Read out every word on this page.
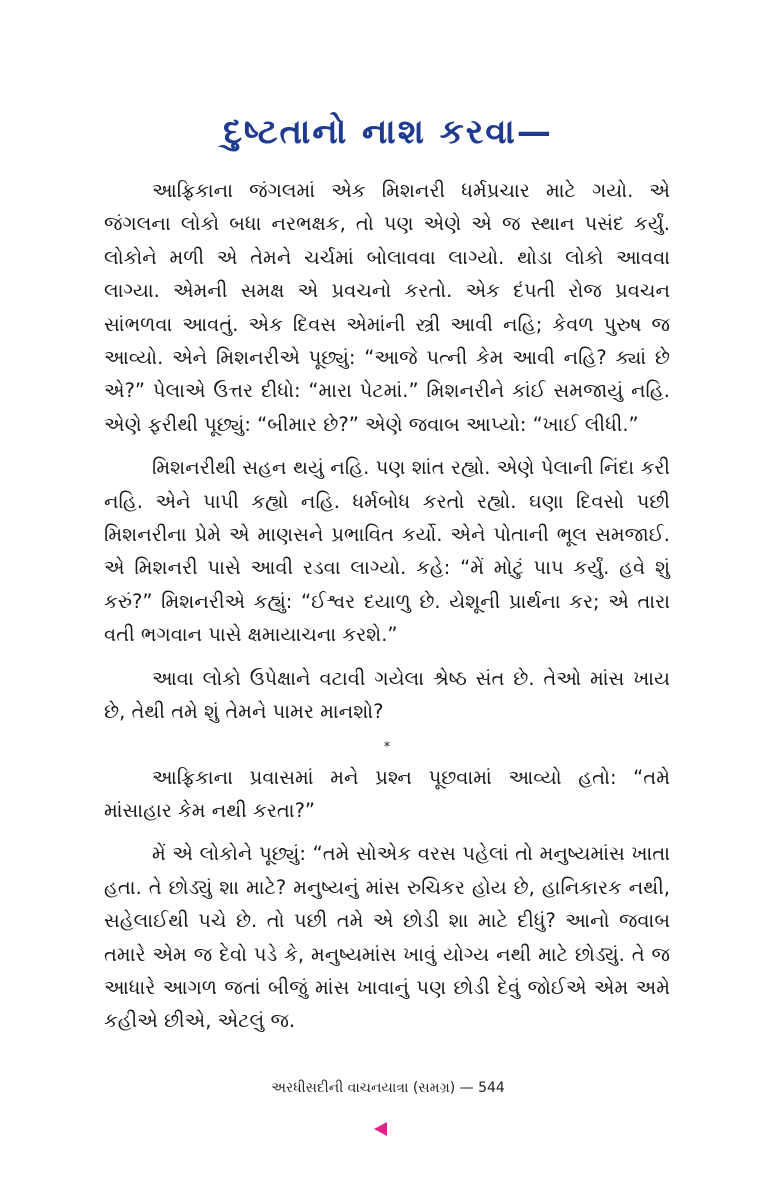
દુષ્ટતાનો નાશ કરવા—

આફ્રિકાના જંગલમાં એક મિશનરી ધર્મપ્રચાર માટે ગયો. એ જંગલના લોકો બધા નરભક્ષક, તો પણ એણે એ જ સ્થાન પસંદ કર્યું. લોકોને મળી એ તેમને ચર્ચમાં બોલાવવા લાગ્યો. થોડા લોકો આવવા લાગ્યા. એમની સમક્ષ એ પ્રવચનો કરતો. એક દંપતી રોજ પ્રવચન સાંભળવા આવતું. એક દિવસ એમાંની સ્ત્રી આવી નહિ; કેવળ પુરુષ જ આવ્યો. એને મિશનરીએ પૂછ્યું: “આજે પત્ની કેમ આવી નહિ? ક્યાં છે એ?” પેલાએ ઉત્તર દીધો: “મારા પેટમાં.” મિશનરીને કાંઈ સમજાયું નહિ. એણે ફરીથી પૂછ્યું: “બીમાર છે?” એણે જવાબ આપ્યો: “ખાઈ લીધી.”

મિશનરીથી સહન થયું નહિ. પણ શાંત રહ્યો. એણે પેલાની નિંદા કરી નહિ. એને પાપી કહ્યો નહિ. ધર્મબોધ કરતો રહ્યો. ઘણા દિવસો પછી મિશનરીના પ્રેમે એ માણસને પ્રભાવિત કર્યો. એને પોતાની ભૂલ સમજાઈ. એ મિશનરી પાસે આવી રડવા લાગ્યો. કહે: “મેં મોટું પાપ કર્યું. હવે શું કરું?” મિશનરીએ કહ્યું: “ઈશ્વર દયાળુ છે. યેશૂની પ્રાર્થના કર; એ તારા વતી ભગવાન પાસે ક્ષમાયાચના કરશે.”

આવા લોકો ઉપેક્ષાને વટાવી ગયેલા શ્રેષ્ઠ સંત છે. તેઓ માંસ ખાય છે, તેથી તમે શું તેમને પામર માનશો?

*

આફ્રિકાના પ્રવાસમાં મને પ્રશ્ન પૂછવામાં આવ્યો હતો: “તમે માંસાહાર કેમ નથી કરતા?”

મેં એ લોકોને પૂછ્યું: “તમે સોએક વરસ પહેલાં તો મનુષ્યમાંસ ખાતા હતા. તે છોડ્યું શા માટે? મનુષ્યનું માંસ રુચિકર હોય છે, હાનિકારક નથી, સહેલાઈથી પચે છે. તો પછી તમે એ છોડી શા માટે દીધું? આનો જવાબ તમારે એમ જ દેવો પડે કે, મનુષ્યમાંસ ખાવું યોગ્ય નથી માટે છોડ્યું. તે જ આધારે આગળ જતાં બીજું માંસ ખાવાનું પણ છોડી દેવું જોઈએ એમ અમે કહીએ છીએ, એટલું જ.

અરધીસદીની વાચનયાત્રા (સમગ્ર) — 544
